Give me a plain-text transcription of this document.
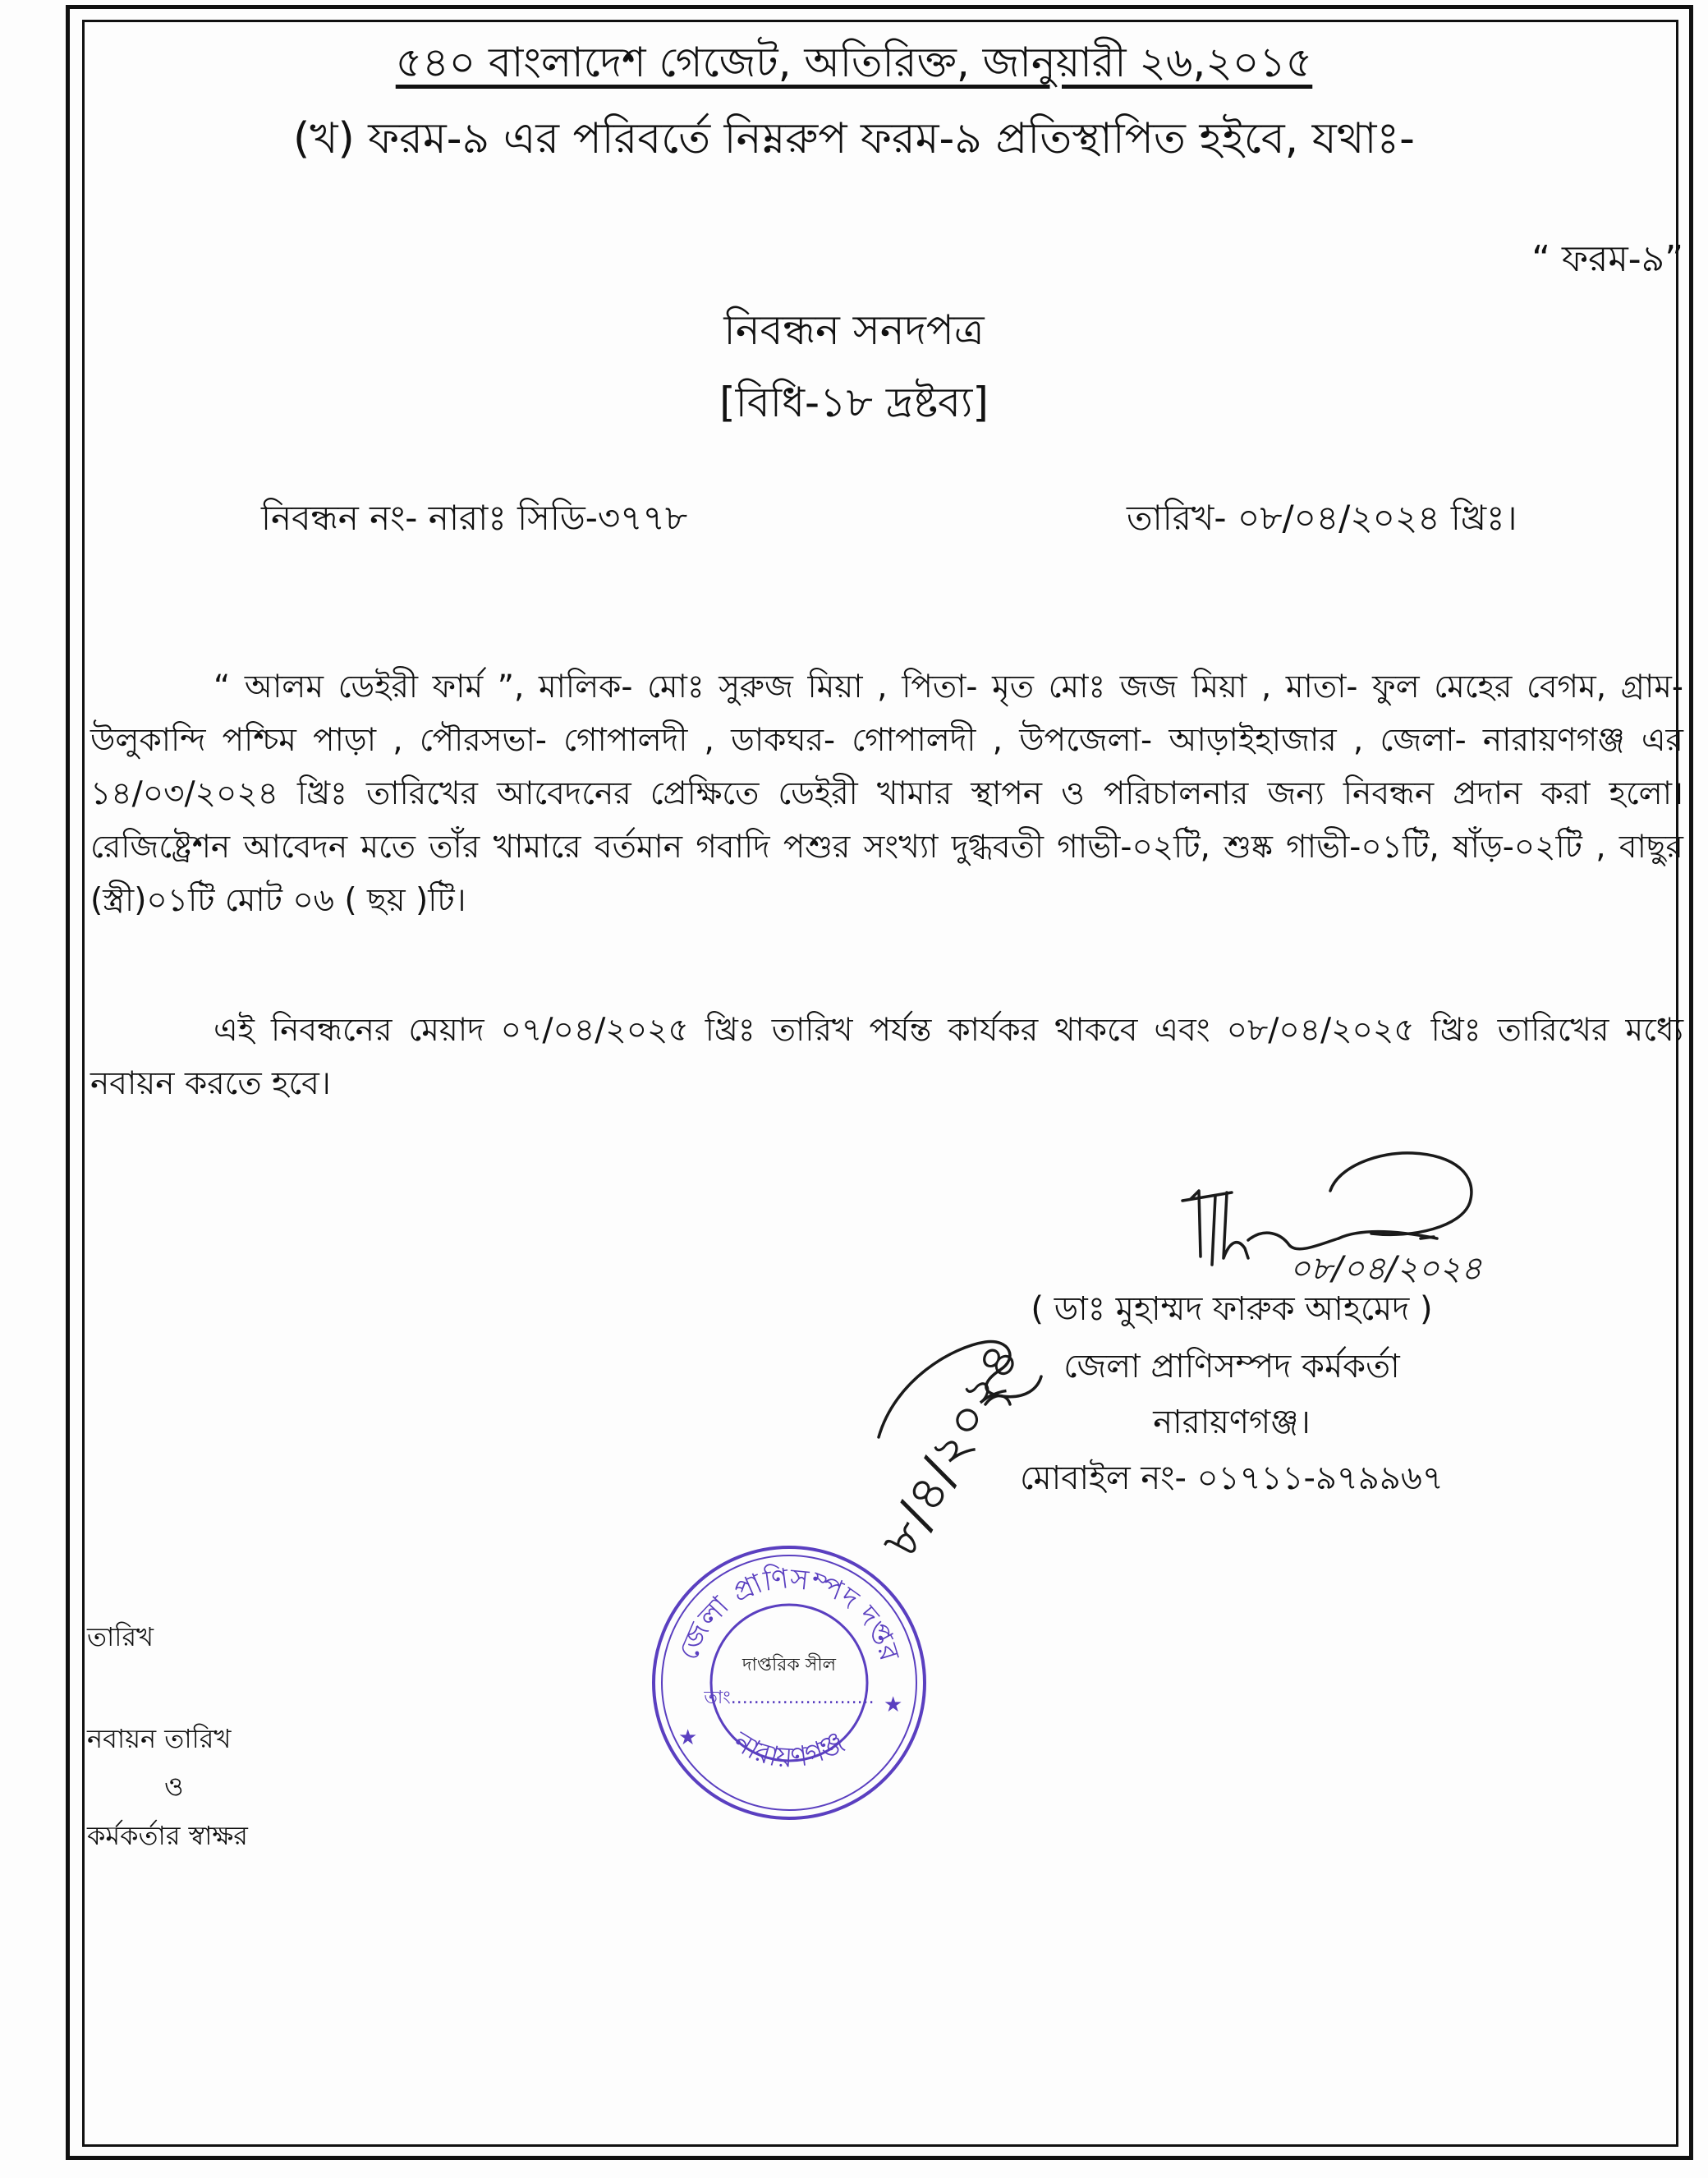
৫৪০ বাংলাদেশ গেজেট, অতিরিক্ত, জানুয়ারী ২৬,২০১৫
(খ) ফরম-৯ এর পরিবর্তে নিম্নরুপ ফরম-৯ প্রতিস্থাপিত হইবে, যথাঃ-
“ ফরম-৯”
নিবন্ধন সনদপত্র
[বিধি-১৮ দ্রষ্টব্য]
নিবন্ধন নং- নারাঃ সিডি-৩৭৭৮	তারিখ- ০৮/০৪/২০২৪ খ্রিঃ।

“ আলম ডেইরী ফার্ম ”, মালিক- মোঃ সুরুজ মিয়া , পিতা- মৃত মোঃ জজ মিয়া , মাতা- ফুল মেহের বেগম, গ্রাম- উলুকান্দি পশ্চিম পাড়া , পৌরসভা- গোপালদী , ডাকঘর- গোপালদী , উপজেলা- আড়াইহাজার , জেলা- নারায়ণগঞ্জ এর ১৪/০৩/২০২৪ খ্রিঃ তারিখের আবেদনের প্রেক্ষিতে ডেইরী খামার স্থাপন ও পরিচালনার জন্য নিবন্ধন প্রদান করা হলো। রেজিষ্ট্রেশন আবেদন মতে তাঁর খামারে বর্তমান গবাদি পশুর সংখ্যা দুগ্ধবতী গাভী-০২টি, শুষ্ক গাভী-০১টি, ষাঁড়-০২টি , বাছুর (স্ত্রী)০১টি মোট ০৬ ( ছয় )টি।

এই নিবন্ধনের মেয়াদ ০৭/০৪/২০২৫ খ্রিঃ তারিখ পর্যন্ত কার্যকর থাকবে এবং ০৮/০৪/২০২৫ খ্রিঃ তারিখের মধ্যে নবায়ন করতে হবে।

০৮/০৪/২০২৪
৮/৪/২০২৪
( ডাঃ মুহাম্মদ ফারুক আহমেদ )
জেলা প্রাণিসম্পদ কর্মকর্তা
নারায়ণগঞ্জ।
মোবাইল নং- ০১৭১১-৯৭৯৯৬৭
জেলা প্রাণিসম্পদ দপ্তর
নারায়ণগঞ্জ
★
★
দাপ্তরিক সীল
তাং.........................
তারিখ
নবায়ন তারিখ
ও
কর্মকর্তার স্বাক্ষর
